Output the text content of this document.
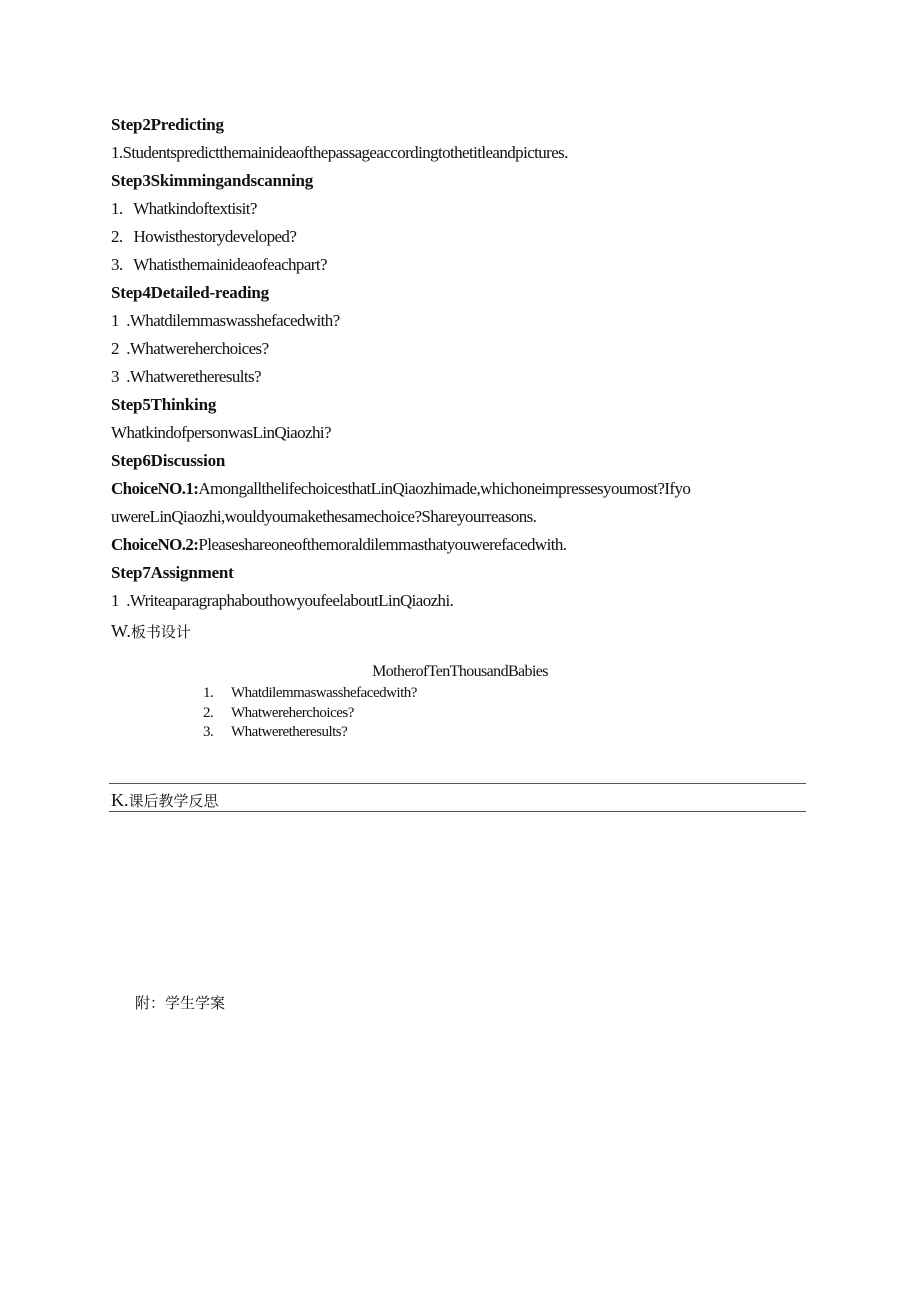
Step2Predicting
1.Studentspredictthemainideaofthepassageaccordingtothetitleandpictures.
Step3Skimmingandscanning
1.   Whatkindoftextisit?
2.   Howisthestorydeveloped?
3.   Whatisthemainideaofeachpart?
Step4Detailed-reading
1  .Whatdilemmaswasshefacedwith?
2  .Whatwereherchoices?
3  .Whatweretheresults?
Step5Thinking
WhatkindofpersonwasLinQiaozhi?
Step6Discussion
ChoiceNO.1:AmongallthelifechoicesthatLinQiaozhimade,whichoneimpressesyoumost?Ifyo
uwereLinQiaozhi,wouldyoumakethesamechoice?Shareyourreasons.
ChoiceNO.2:Pleaseshareoneofthemoraldilemmasthatyouwerefacedwith.
Step7Assignment
1  .WriteaparagraphabouthowyoufeelaboutLinQiaozhi.
W.板书设计
MotherofTenThousandBabies
1. Whatdilemmaswasshefacedwith?
2. Whatwereherchoices?
3. Whatweretheresults?
K.课后教学反思
附：学生学案
